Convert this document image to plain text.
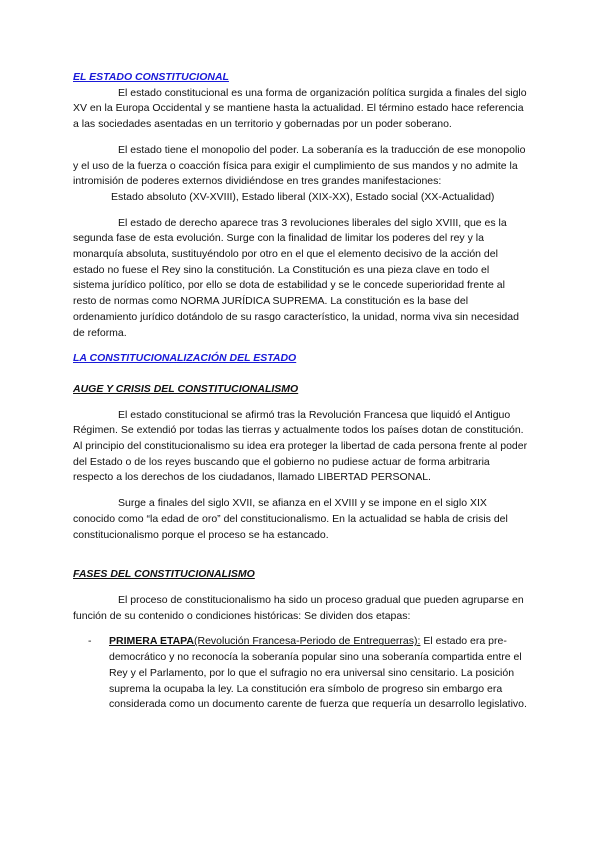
EL ESTADO CONSTITUCIONAL

El estado constitucional es una forma de organización política surgida a finales del siglo XV en la Europa Occidental y se mantiene hasta la actualidad. El término estado hace referencia a las sociedades asentadas en un territorio y gobernadas por un poder soberano.

El estado tiene el monopolio del poder. La soberanía es la traducción de ese monopolio y el uso de la fuerza o coacción física para exigir el cumplimiento de sus mandos y no admite la intromisión de poderes externos dividiéndose en tres grandes manifestaciones:

Estado absoluto (XV-XVIII), Estado liberal (XIX-XX), Estado social (XX-Actualidad)

El estado de derecho aparece tras 3 revoluciones liberales del siglo XVIII, que es la segunda fase de esta evolución. Surge con la finalidad de limitar los poderes del rey y la monarquía absoluta, sustituyéndolo por otro en el que el elemento decisivo de la acción del estado no fuese el Rey sino la constitución. La Constitución es una pieza clave en todo el sistema jurídico político, por ello se dota de estabilidad y se le concede superioridad frente al resto de normas como NORMA JURÍDICA SUPREMA. La constitución es la base del ordenamiento jurídico dotándolo de su rasgo característico, la unidad, norma viva sin necesidad de reforma.

LA CONSTITUCIONALIZACIÓN DEL ESTADO

AUGE Y CRISIS DEL CONSTITUCIONALISMO

El estado constitucional se afirmó tras la Revolución Francesa que liquidó el Antiguo Régimen. Se extendió por todas las tierras y actualmente todos los países dotan de constitución. Al principio del constitucionalismo su idea era proteger la libertad de cada persona frente al poder del Estado o de los reyes buscando que el gobierno no pudiese actuar de forma arbitraria respecto a los derechos de los ciudadanos, llamado LIBERTAD PERSONAL.

Surge a finales del siglo XVII, se afianza en el XVIII y se impone en el siglo XIX conocido como “la edad de oro” del constitucionalismo. En la actualidad se habla de crisis del constitucionalismo porque el proceso se ha estancado.

FASES DEL CONSTITUCIONALISMO

El proceso de constitucionalismo ha sido un proceso gradual que pueden agruparse en función de su contenido o condiciones históricas: Se dividen dos etapas:

- PRIMERA ETAPA(Revolución Francesa-Periodo de Entreguerras): El estado era pre-democrático y no reconocía la soberanía popular sino una soberanía compartida entre el Rey y el Parlamento, por lo que el sufragio no era universal sino censitario. La posición suprema la ocupaba la ley. La constitución era símbolo de progreso sin embargo era considerada como un documento carente de fuerza que requería un desarrollo legislativo.
